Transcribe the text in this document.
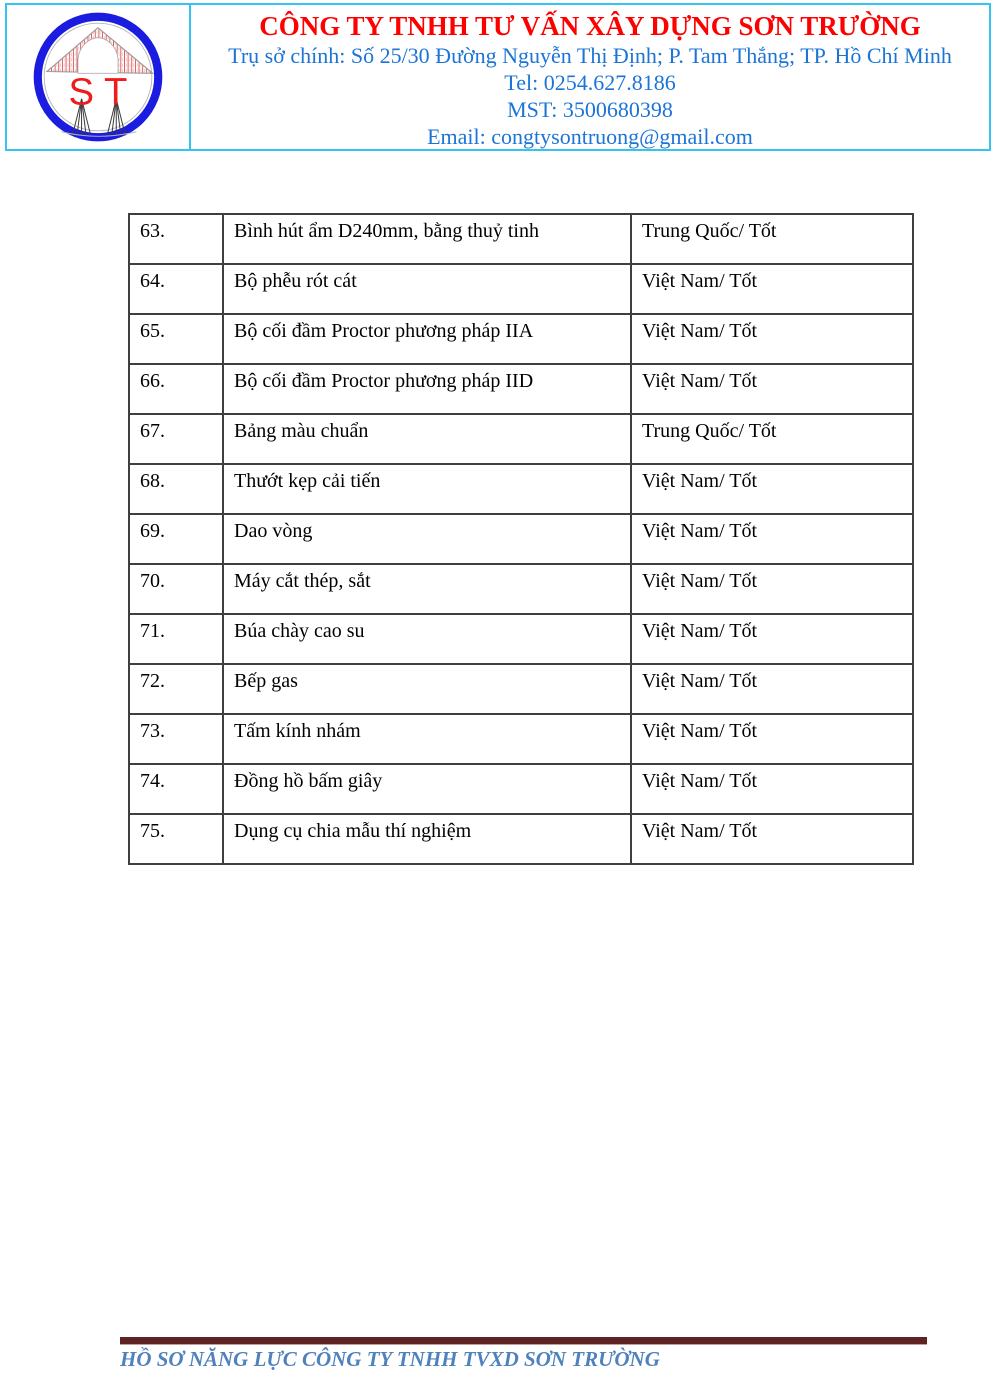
S T
CÔNG TY TNHH TƯ VẤN XÂY DỰNG SƠN TRƯỜNG
Trụ sở chính: Số 25/30 Đường Nguyễn Thị Định; P. Tam Thắng; TP. Hồ Chí Minh
Tel: 0254.627.8186
MST: 3500680398
Email: congtysontruong@gmail.com
63.	Bình hút ẩm D240mm, bằng thuỷ tinh	Trung Quốc/ Tốt
64.	Bộ phễu rót cát	Việt Nam/ Tốt
65.	Bộ cối đầm Proctor phương pháp IIA	Việt Nam/ Tốt
66.	Bộ cối đầm Proctor phương pháp IID	Việt Nam/ Tốt
67.	Bảng màu chuẩn	Trung Quốc/ Tốt
68.	Thướt kẹp cải tiến	Việt Nam/ Tốt
69.	Dao vòng	Việt Nam/ Tốt
70.	Máy cắt thép, sắt	Việt Nam/ Tốt
71.	Búa chày cao su	Việt Nam/ Tốt
72.	Bếp gas	Việt Nam/ Tốt
73.	Tấm kính nhám	Việt Nam/ Tốt
74.	Đồng hồ bấm giây	Việt Nam/ Tốt
75.	Dụng cụ chia mẫu thí nghiệm	Việt Nam/ Tốt
HỒ SƠ NĂNG LỰC CÔNG TY TNHH TVXD SƠN TRƯỜNG
